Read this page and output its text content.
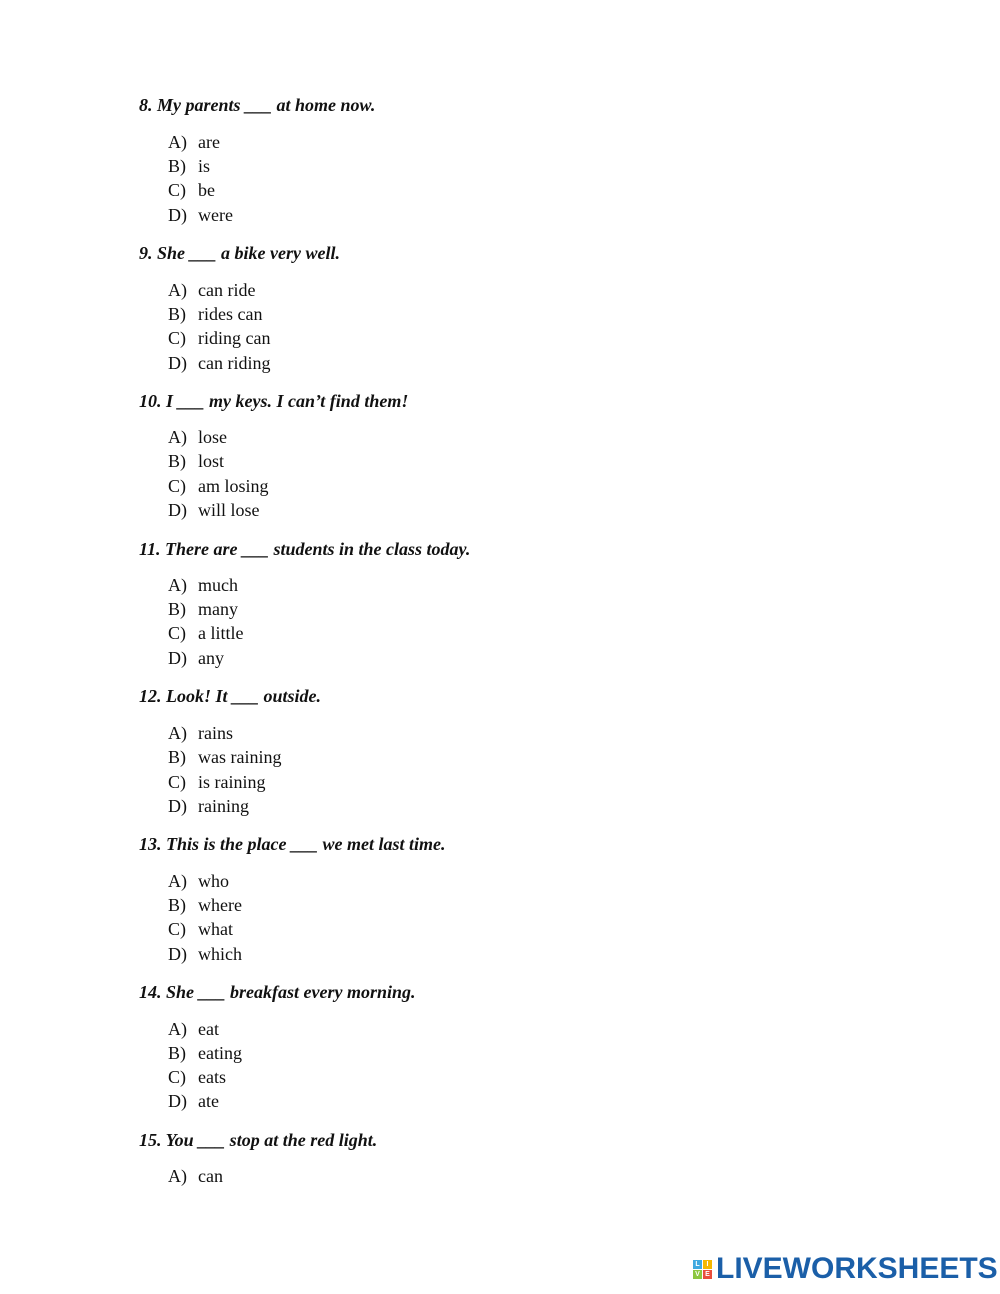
8. My parents ___ at home now.
A) are
B) is
C) be
D) were
9. She ___ a bike very well.
A) can ride
B) rides can
C) riding can
D) can riding
10. I ___ my keys. I can’t find them!
A) lose
B) lost
C) am losing
D) will lose
11. There are ___ students in the class today.
A) much
B) many
C) a little
D) any
12. Look! It ___ outside.
A) rains
B) was raining
C) is raining
D) raining
13. This is the place ___ we met last time.
A) who
B) where
C) what
D) which
14. She ___ breakfast every morning.
A) eat
B) eating
C) eats
D) ate
15. You ___ stop at the red light.
A) can
L I
V E LIVEWORKSHEETS
